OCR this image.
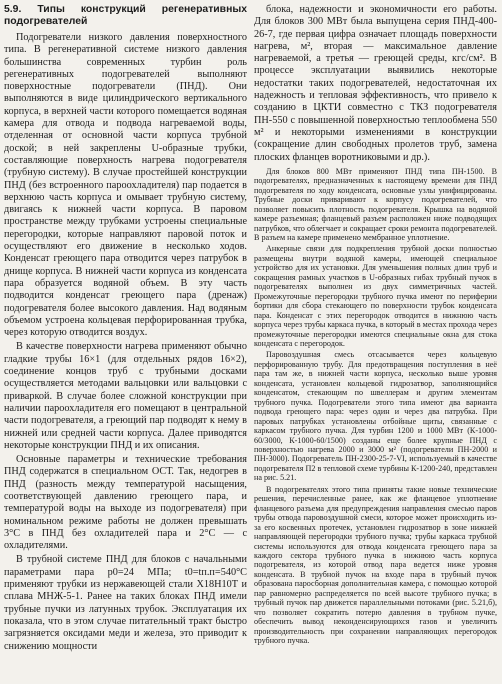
5.9. Типы конструкций регенеративных подогревателей

Подогреватели низкого давления поверхностного типа. В регенеративной системе низкого давления большинства современных турбин роль регенеративных подогревателей выполняют поверхностные подогреватели (ПНД). Они выполняются в виде цилиндрического вертикального корпуса, в верхней части которого помещается водяная камера для отвода и подвода нагреваемой воды, отделенная от основной части корпуса трубной доской; в ней закреплены U-образные трубки, составляющие поверхность нагрева подогревателя (трубную систему). В случае простейшей конструкции ПНД (без встроенного пароохладителя) пар подается в верхнюю часть корпуса и омывает трубную систему, двигаясь к нижней части корпуса. В паровом пространстве между трубками устроены специальные перегородки, которые направляют паровой поток и осуществляют его движение в несколько ходов. Конденсат греющего пара отводится через патрубок в днище корпуса. В нижней части корпуса из конденсата пара образуется водяной объем. В эту часть подводится конденсат греющего пара (дренаж) подогревателя более высокого давления. Над водяным объемом устроена кольцевая перфорированная трубка, через которую отводится воздух.

В качестве поверхности нагрева применяют обычно гладкие трубы 16×1 (для отдельных рядов 16×2), соединение концов труб с трубными досками осуществляется методами вальцовки или вальцовки с приваркой. В случае более сложной конструкции при наличии пароохладителя его помещают в центральной части подогревателя, а греющий пар подводят к нему в нижней или средней части корпуса. Далее приводятся некоторые конструкции ПНД и их описания.

Основные параметры и технические требования ПНД содержатся в специальном ОСТ. Так, недогрев в ПНД (разность между температурой насыщения, соответствующей давлению греющего пара, и температурой воды на выходе из подогревателя) при номинальном режиме работы не должен превышать 3°С в ПНД без охладителей пара и 2°С — с охладителями.

В трубной системе ПНД для блоков с начальными параметрами пара p0=24 МПа; t0=tп.п=540°С применяют трубки из нержавеющей стали Х18Н10Т и сплава МНЖ-5-1. Ранее на таких блоках ПНД имели трубные пучки из латунных трубок. Эксплуатация их показала, что в этом случае питательный тракт быстро загрязняется оксидами меди и железа, это приводит к снижению мощности

блока, надежности и экономичности его работы. Для блоков 300 МВт была выпущена серия ПНД-400-26-7, где первая цифра означает площадь поверхности нагрева, м², вторая — максимальное давление нагреваемой, а третья — греющей среды, кгс/см². В процессе эксплуатации выявились некоторые недостатки таких подогревателей, недостаточная их надежность и тепловая эффективность, что привело к созданию в ЦКТИ совместно с ТКЗ подогревателя ПН-550 с повышенной поверхностью теплообмена 550 м² и некоторыми изменениями в конструкции (сокращение длин свободных пролетов труб, замена плоских фланцев воротниковыми и др.).

Для блоков 800 МВт применяют ПНД типа ПН-1500. В подогревателях, предназначенных к настоящему времени для ПНД подогревателя по ходу конденсата, основные узлы унифицированы. Трубные доски приваривают к корпусу подогревателей, что позволяет повысить плотность подогревателя. Крышка на водяной камере разъемная; фланцевый разъем расположен ниже подводящих патрубков, что облегчает и сокращает сроки ремонта подогревателей. В разъем на камере применено мембранное уплотнение.

Анкерные связи для подкрепления трубной доски полностью размещены внутри водяной камеры, имеющей специальное устройство для их установки. Для уменьшения полных длин труб и сокращения рамных участков в U-образных гибах трубный пучок в подогревателях выполнен из двух симметричных частей. Промежуточные перегородки трубного пучка имеют по периферии бортики для сбора стекающего по поверхности трубок конденсата пара. Конденсат с этих перегородок отводится в нижнюю часть корпуса через трубы каркаса пучка, в который в местах прохода через промежуточные перегородки имеются специальные окна для стока конденсата с перегородок.

Паровоздушная смесь отсасывается через кольцевую перфорированную трубу. Для предотвращения поступления в неё пара там же, в нижней части корпуса, несколько выше уровня конденсата, установлен кольцевой гидрозатвор, заполняющийся конденсатом, стекающим по швеллерам и другим элементам трубного пучка. Подогреватели этого типа имеют два варианта подвода греющего пара: через один и через два патрубка. При паровых патрубках установлены отбойные щиты, связанные с каркасом трубного пучка. Для турбин 1200 и 1000 МВт (К-1000-60/3000, К-1000-60/1500) созданы еще более крупные ПНД с поверхностью нагрева 2000 и 3000 м² (подогреватели ПН-2000 и ПН-3000). Подогреватель ПН-2300-25-7-VI, используемый в качестве подогревателя П2 в тепловой схеме турбины К-1200-240, представлен на рис. 5.21.

В подогревателях этого типа приняты такие новые технические решения, перечисленные ранее, как же фланцевое уплотнение фланцевого разъема для предупреждения направления смесью паров трубы отвода паровоздушной смеси, которое может происходить из-за его косвенных протечек, установлен гидрозатвор в зоне нижней направляющей перегородки трубного пучка; трубы каркаса трубной системы используются для отвода конденсата греющего пара за каждого сектора трубного пучка в нижнюю часть корпуса подогревателя, из которой отвод пара ведется ниже уровня конденсата. В трубной пучок на входе пара в трубный пучок образована паросборная дополнительная камера, с помощью которой пар равномерно распределяется по всей высоте трубного пучка; в трубный пучок пар движется параллельными потоками (рис. 5.21,б), что позволяет сократить потерю давления в трубном пучке, обеспечить вывод неконденсирующихся газов и увеличить производительность при сохранении направляющих перегородок трубного пучка.
